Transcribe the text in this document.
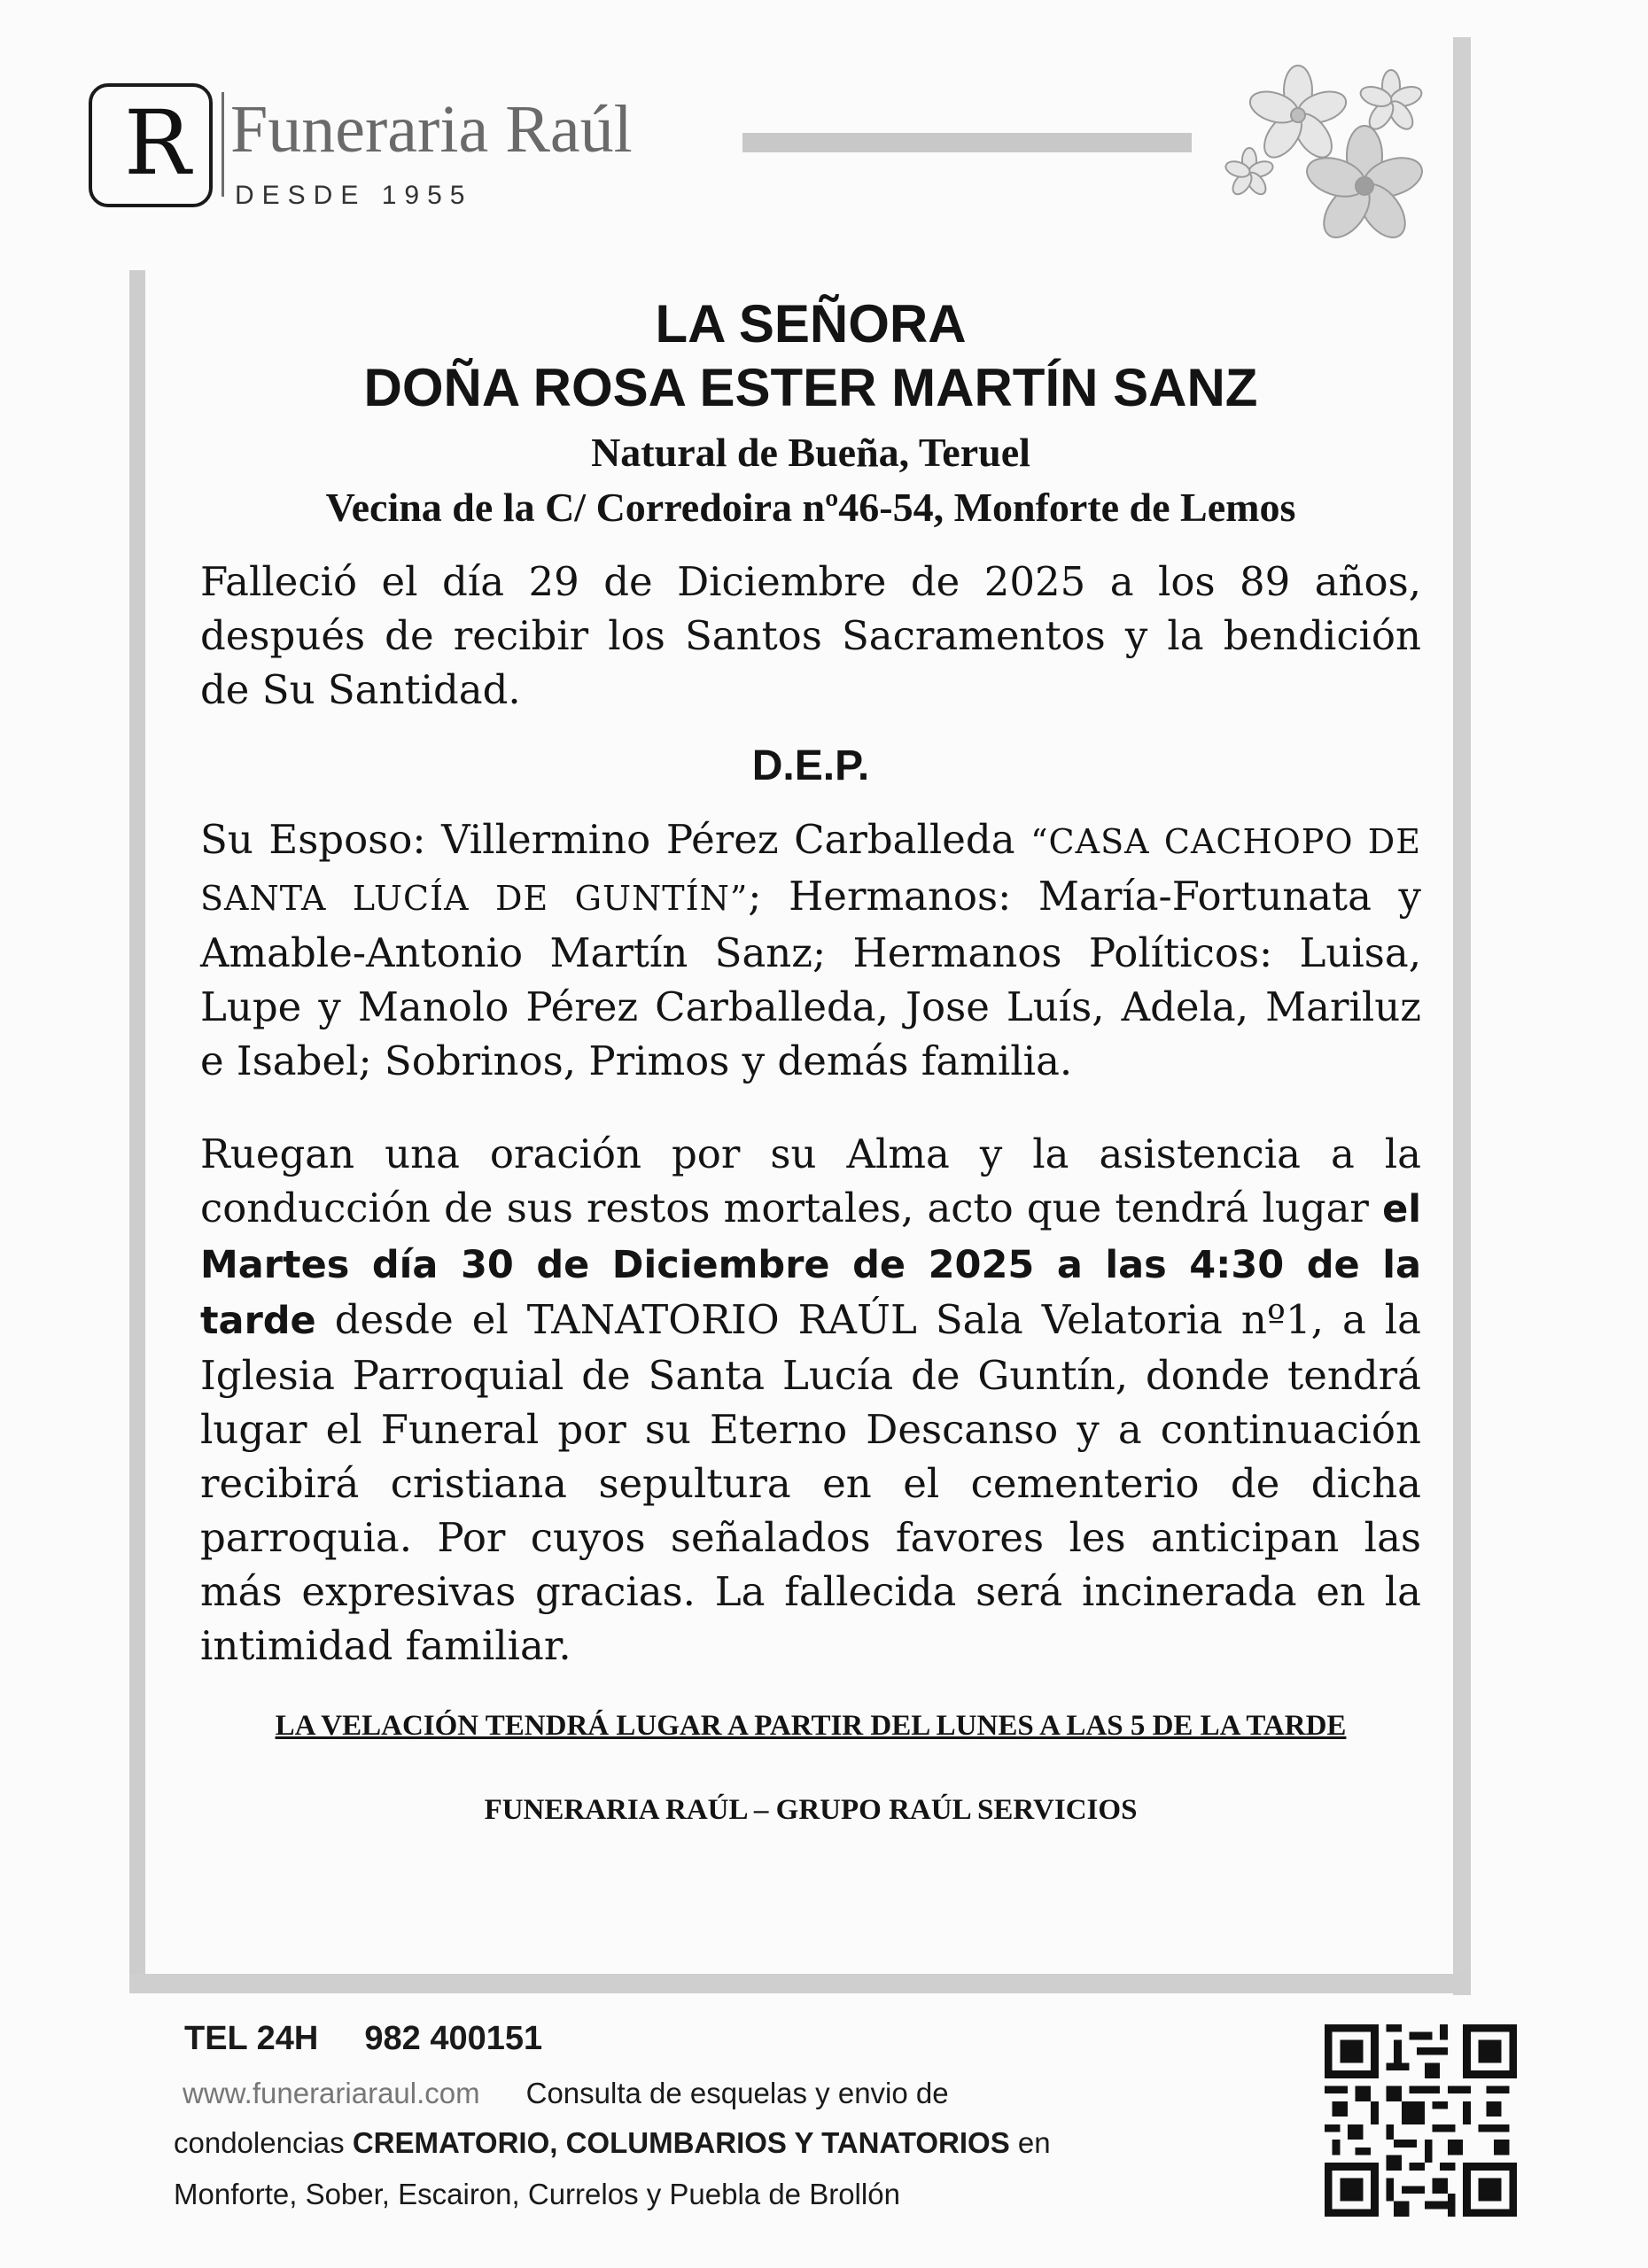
R Funeraria Raúl
DESDE 1955

LA SEÑORA

DOÑA ROSA ESTER MARTÍN SANZ

Natural de Bueña, Teruel

Vecina de la C/ Corredoira nº46-54, Monforte de Lemos

Falleció el día 29 de Diciembre de 2025 a los 89 años, después de recibir los Santos Sacramentos y la bendición de Su Santidad.

D.E.P.

Su Esposo: Villermino Pérez Carballeda “CASA CACHOPO DE SANTA LUCÍA DE GUNTÍN”; Hermanos: María-Fortunata y Amable-Antonio Martín Sanz; Hermanos Políticos: Luisa, Lupe y Manolo Pérez Carballeda, Jose Luís, Adela, Mariluz e Isabel; Sobrinos, Primos y demás familia.

Ruegan una oración por su Alma y la asistencia a la conducción de sus restos mortales, acto que tendrá lugar el Martes día 30 de Diciembre de 2025 a las 4:30 de la tarde desde el TANATORIO RAÚL Sala Velatoria nº1, a la Iglesia Parroquial de Santa Lucía de Guntín, donde tendrá lugar el Funeral por su Eterno Descanso y a continuación recibirá cristiana sepultura en el cementerio de dicha parroquia. Por cuyos señalados favores les anticipan las más expresivas gracias. La fallecida será incinerada en la intimidad familiar.

LA VELACIÓN TENDRÁ LUGAR A PARTIR DEL LUNES A LAS 5 DE LA TARDE

FUNERARIA RAÚL – GRUPO RAÚL SERVICIOS

TEL 24H 982 400151
www.funerariaraul.com Consulta de esquelas y envio de
condolencias CREMATORIO, COLUMBARIOS Y TANATORIOS en
Monforte, Sober, Escairon, Currelos y Puebla de Brollón
